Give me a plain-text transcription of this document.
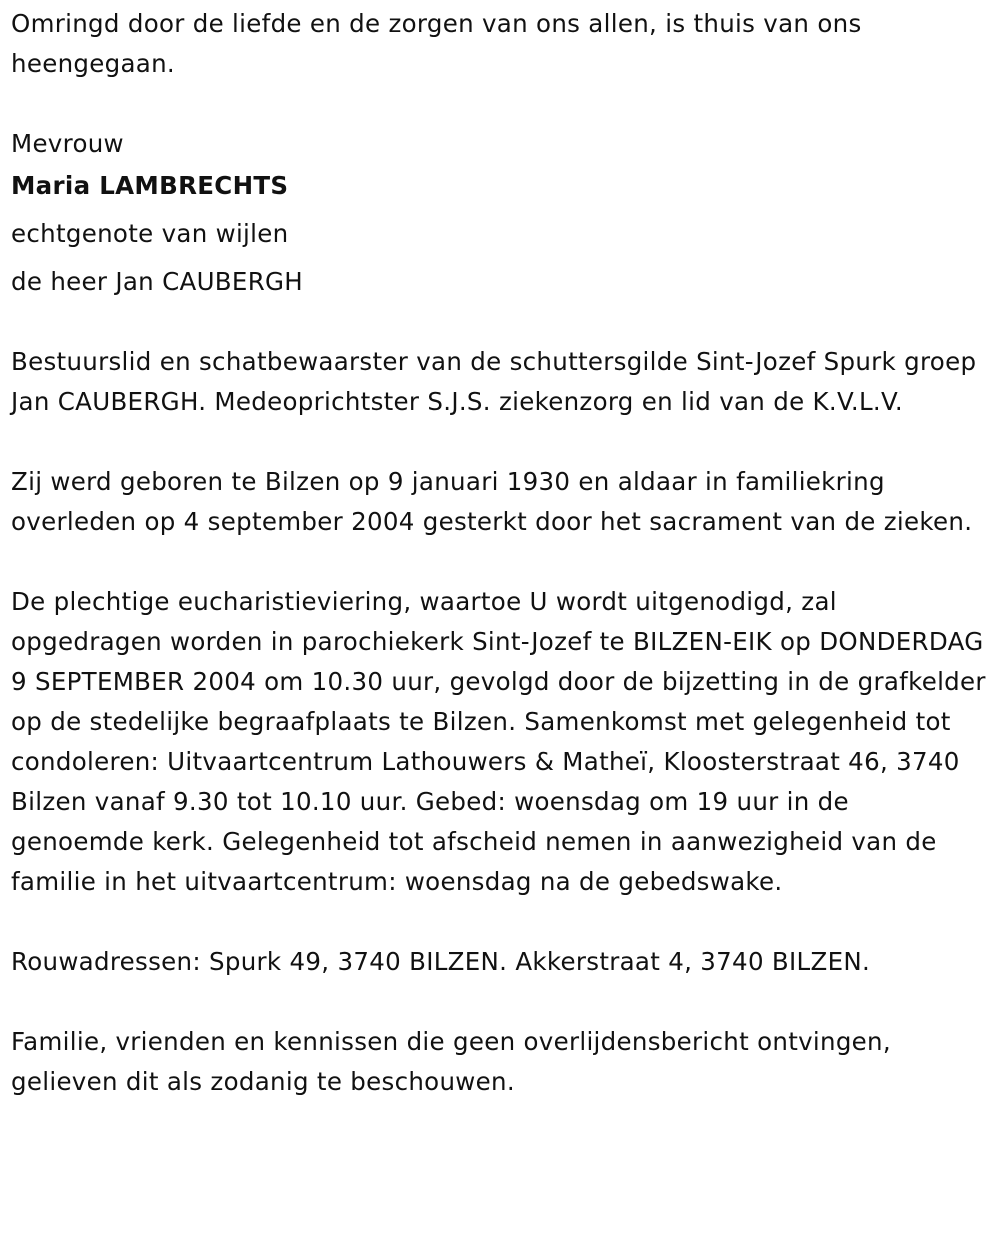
Omringd door de liefde en de zorgen van ons allen, is thuis van ons heengegaan.

Mevrouw

Maria LAMBRECHTS

echtgenote van wijlen

de heer Jan CAUBERGH

Bestuurslid en schatbewaarster van de schuttersgilde Sint-Jozef Spurk groep Jan CAUBERGH. Medeoprichtster S.J.S. ziekenzorg en lid van de K.V.L.V.

Zij werd geboren te Bilzen op 9 januari 1930 en aldaar in familiekring overleden op 4 september 2004 gesterkt door het sacrament van de zieken.

De plechtige eucharistieviering, waartoe U wordt uitgenodigd, zal opgedragen worden in parochiekerk Sint-Jozef te BILZEN-EIK op DONDERDAG 9 SEPTEMBER 2004 om 10.30 uur, gevolgd door de bijzetting in de grafkelder op de stedelijke begraafplaats te Bilzen. Samenkomst met gelegenheid tot condoleren: Uitvaartcentrum Lathouwers & Matheï, Kloosterstraat 46, 3740 Bilzen vanaf 9.30 tot 10.10 uur. Gebed: woensdag om 19 uur in de genoemde kerk. Gelegenheid tot afscheid nemen in aanwezigheid van de familie in het uitvaartcentrum: woensdag na de gebedswake.

Rouwadressen: Spurk 49, 3740 BILZEN. Akkerstraat 4, 3740 BILZEN.

Familie, vrienden en kennissen die geen overlijdensbericht ontvingen, gelieven dit als zodanig te beschouwen.
